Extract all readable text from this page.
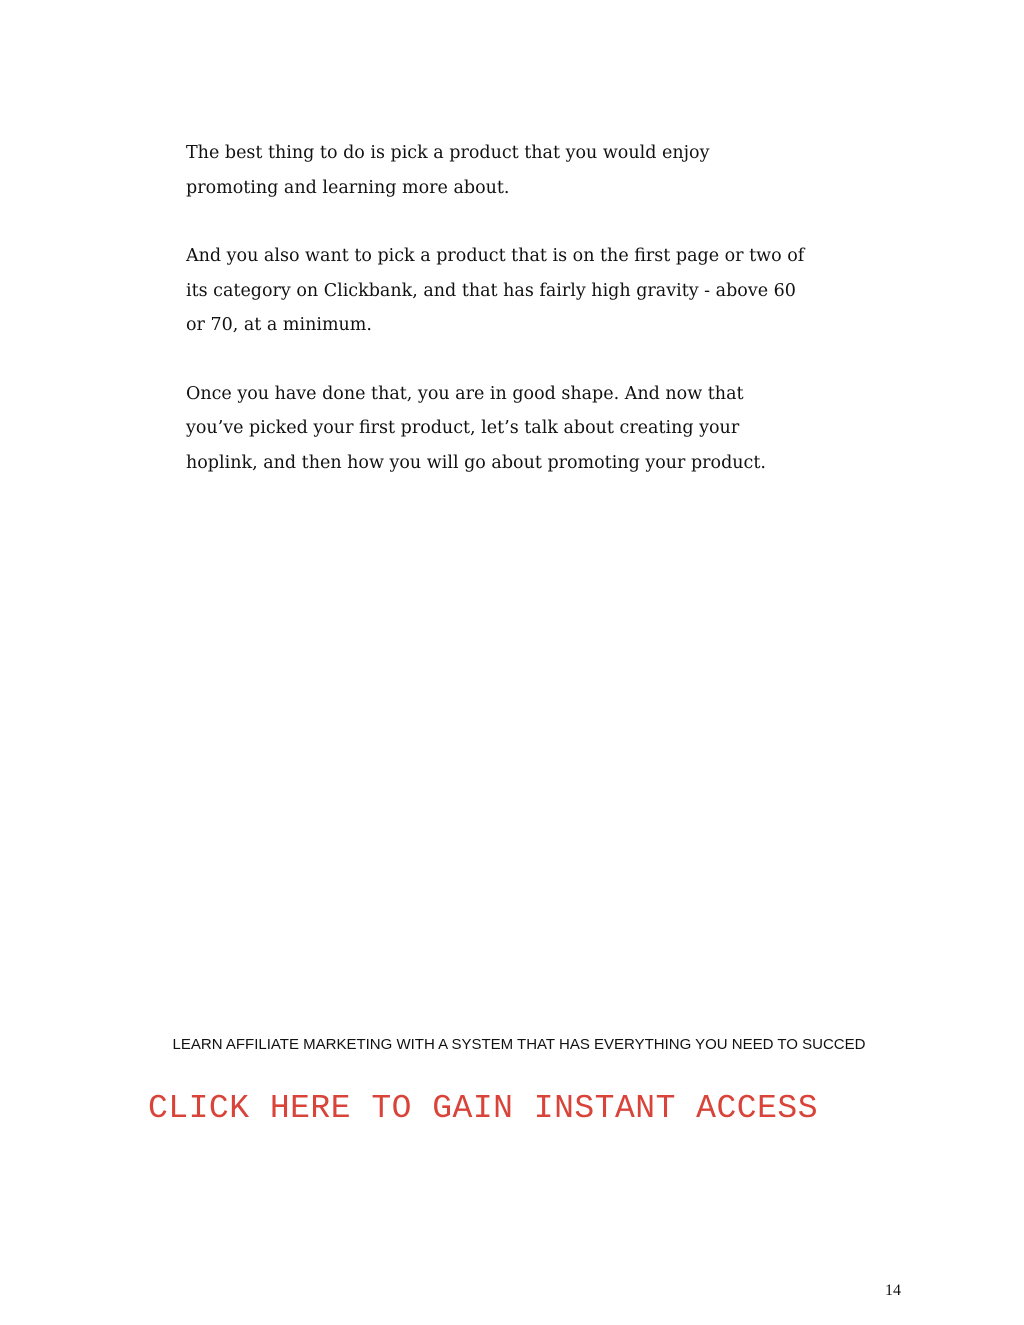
The best thing to do is pick a product that you would enjoy
promoting and learning more about.

And you also want to pick a product that is on the first page or two of
its category on Clickbank, and that has fairly high gravity - above 60
or 70, at a minimum.

Once you have done that, you are in good shape. And now that
you’ve picked your first product, let’s talk about creating your
hoplink, and then how you will go about promoting your product.

LEARN AFFILIATE MARKETING WITH A SYSTEM THAT HAS EVERYTHING YOU NEED TO SUCCED
CLICK HERE TO GAIN INSTANT ACCESS
14
